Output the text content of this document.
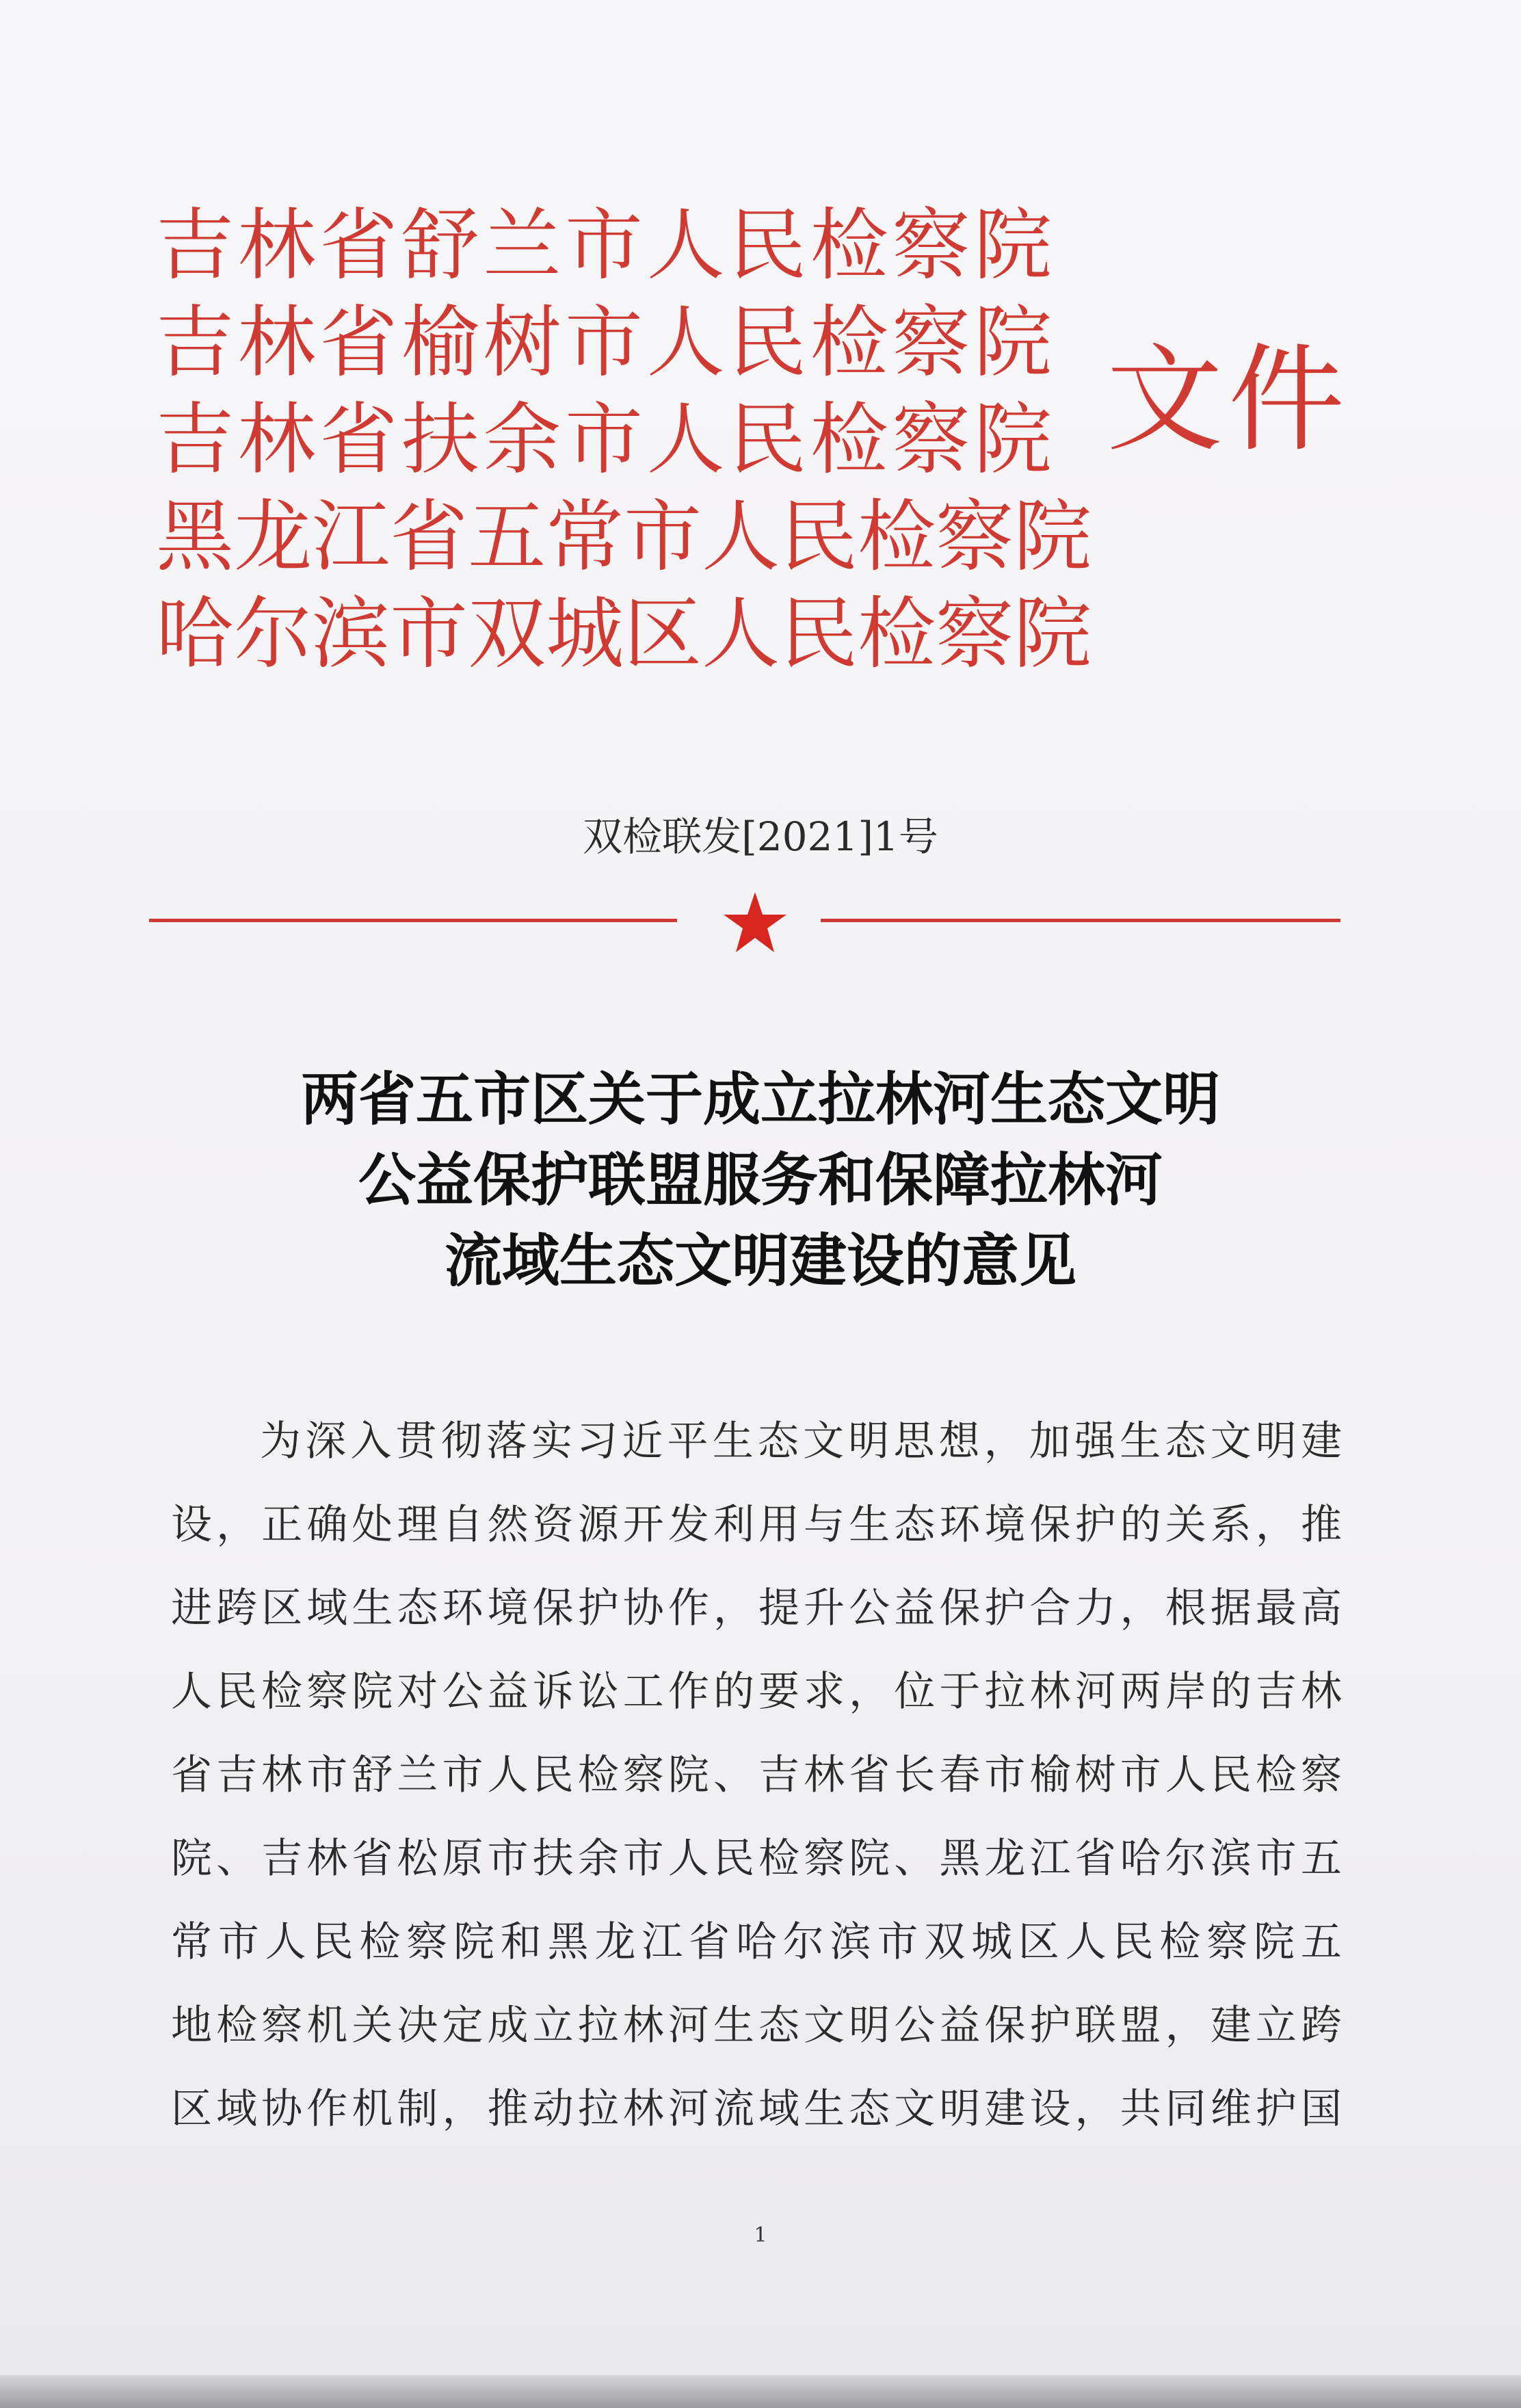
吉 林 省 舒 兰 市 人 民 检 察 院
吉 林 省 榆 树 市 人 民 检 察 院
吉 林 省 扶 余 市 人 民 检 察 院
黑 龙 江 省 五 常 市 人 民 检 察 院
哈 尔 滨 市 双 城 区 人 民 检 察 院
文件
双检联发[2021]1号
两省五市区关于成立拉林河生态文明
公益保护联盟服务和保障拉林河
流域生态文明建设的意见
为 深 入 贯 彻 落 实 习 近 平 生 态 文 明 思 想 ， 加 强 生 态 文 明 建
设 ， 正 确 处 理 自 然 资 源 开 发 利 用 与 生 态 环 境 保 护 的 关 系 ， 推
进 跨 区 域 生 态 环 境 保 护 协 作 ， 提 升 公 益 保 护 合 力 ， 根 据 最 高
人 民 检 察 院 对 公 益 诉 讼 工 作 的 要 求 ， 位 于 拉 林 河 两 岸 的 吉 林
省 吉 林 市 舒 兰 市 人 民 检 察 院 、 吉 林 省 长 春 市 榆 树 市 人 民 检 察
院 、 吉 林 省 松 原 市 扶 余 市 人 民 检 察 院 、 黑 龙 江 省 哈 尔 滨 市 五
常 市 人 民 检 察 院 和 黑 龙 江 省 哈 尔 滨 市 双 城 区 人 民 检 察 院 五
地 检 察 机 关 决 定 成 立 拉 林 河 生 态 文 明 公 益 保 护 联 盟 ， 建 立 跨
区 域 协 作 机 制 ， 推 动 拉 林 河 流 域 生 态 文 明 建 设 ， 共 同 维 护 国
1
